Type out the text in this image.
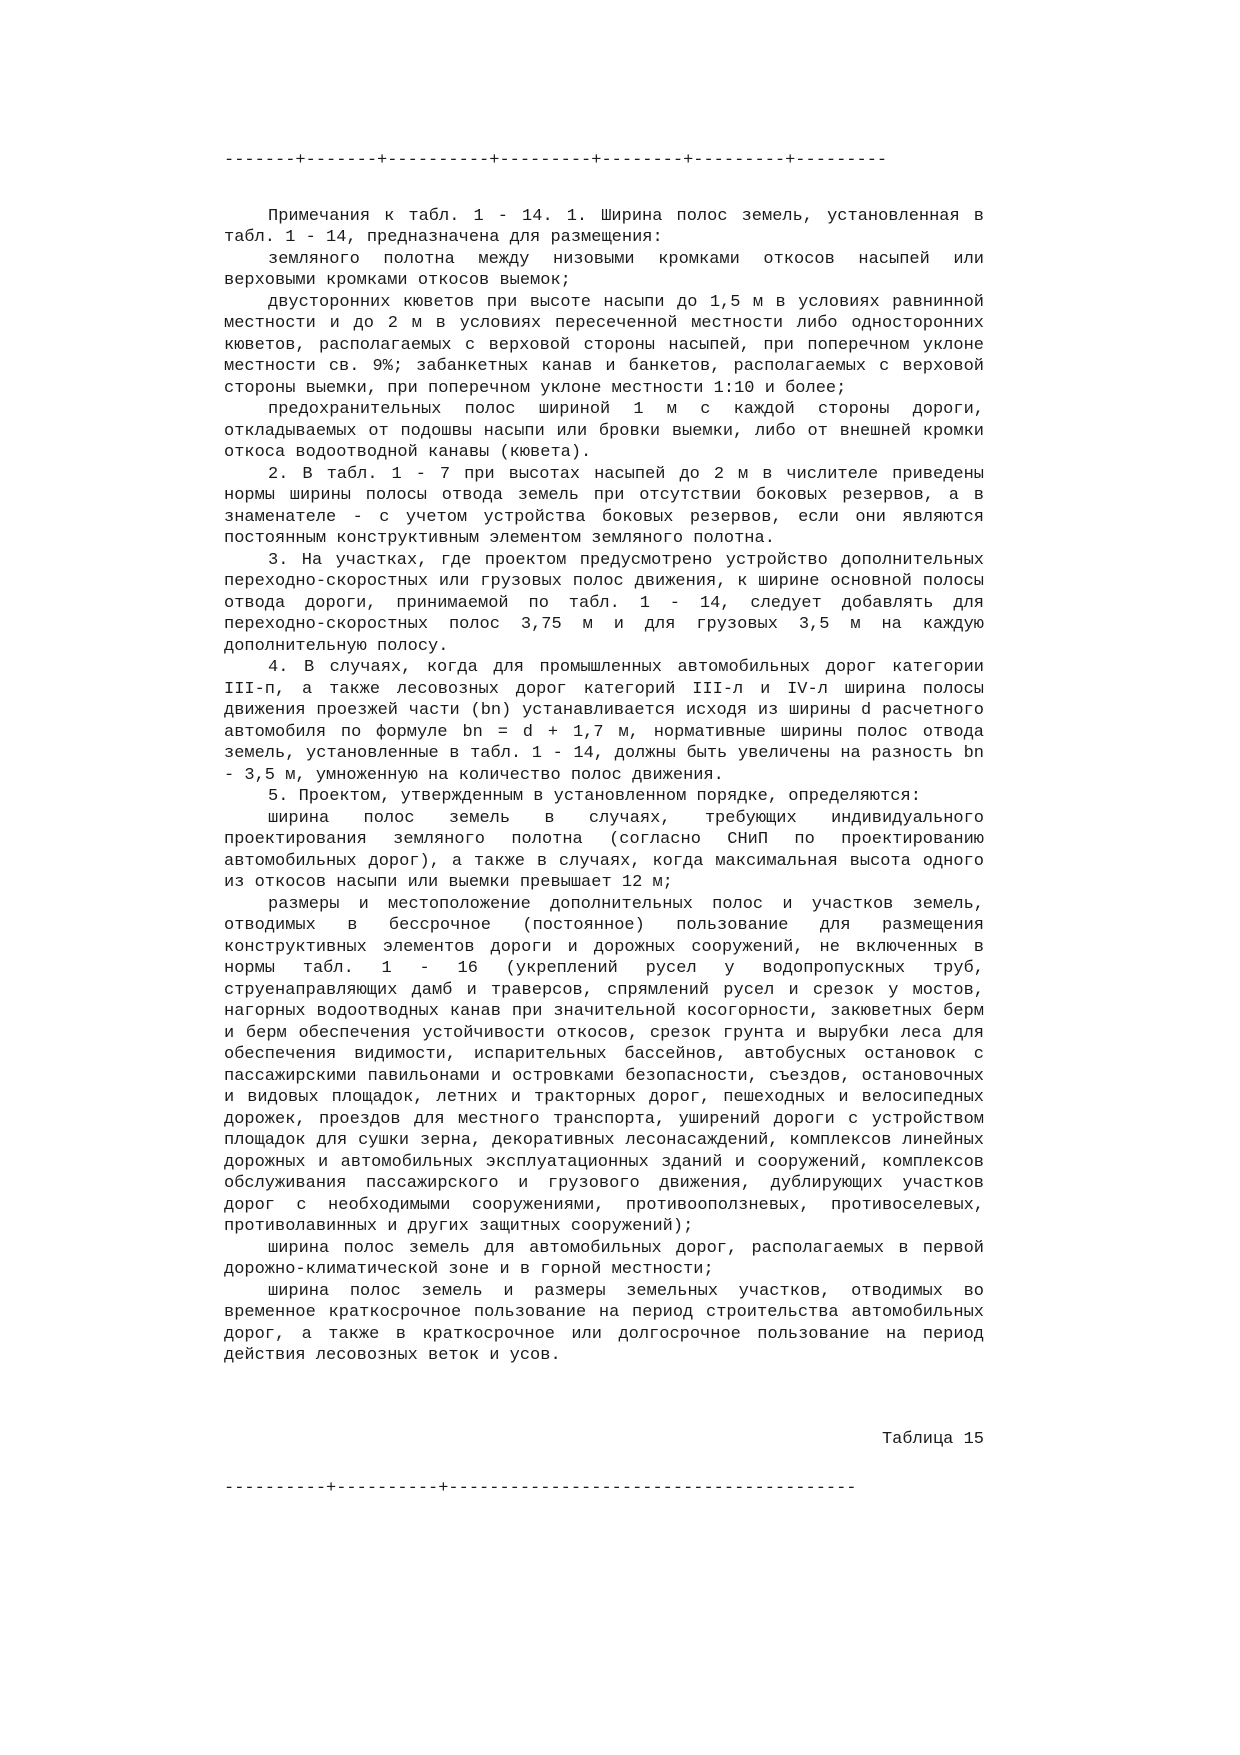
-------+-------+----------+---------+--------+---------+---------

Примечания к табл. 1 - 14. 1. Ширина полос земель, установленная в табл. 1 - 14, предназначена для размещения:

земляного полотна между низовыми кромками откосов насыпей или верховыми кромками откосов выемок;

двусторонних кюветов при высоте насыпи до 1,5 м в условиях равнинной местности и до 2 м в условиях пересеченной местности либо односторонних кюветов, располагаемых с верховой стороны насыпей, при поперечном уклоне местности св. 9%; забанкетных канав и банкетов, располагаемых с верховой стороны выемки, при поперечном уклоне местности 1:10 и более;

предохранительных полос шириной 1 м с каждой стороны дороги, откладываемых от подошвы насыпи или бровки выемки, либо от внешней кромки откоса водоотводной канавы (кювета).

2. В табл. 1 - 7 при высотах насыпей до 2 м в числителе приведены нормы ширины полосы отвода земель при отсутствии боковых резервов, а в знаменателе - с учетом устройства боковых резервов, если они являются постоянным конструктивным элементом земляного полотна.

3. На участках, где проектом предусмотрено устройство дополнительных переходно-скоростных или грузовых полос движения, к ширине основной полосы отвода дороги, принимаемой по табл. 1 - 14, следует добавлять для переходно-скоростных полос 3,75 м и для грузовых 3,5 м на каждую дополнительную полосу.

4. В случаях, когда для промышленных автомобильных дорог категории III-п, а также лесовозных дорог категорий III-л и IV-л ширина полосы движения проезжей части (bn) устанавливается исходя из ширины d расчетного автомобиля по формуле bn = d + 1,7 м, нормативные ширины полос отвода земель, установленные в табл. 1 - 14, должны быть увеличены на разность bn - 3,5 м, умноженную на количество полос движения.

5. Проектом, утвержденным в установленном порядке, определяются:

ширина полос земель в случаях, требующих индивидуального проектирования земляного полотна (согласно СНиП по проектированию автомобильных дорог), а также в случаях, когда максимальная высота одного из откосов насыпи или выемки превышает 12 м;

размеры и местоположение дополнительных полос и участков земель, отводимых в бессрочное (постоянное) пользование для размещения конструктивных элементов дороги и дорожных сооружений, не включенных в нормы табл. 1 - 16 (укреплений русел у водопропускных труб, струенаправляющих дамб и траверсов, спрямлений русел и срезок у мостов, нагорных водоотводных канав при значительной косогорности, закюветных берм и берм обеспечения устойчивости откосов, срезок грунта и вырубки леса для обеспечения видимости, испарительных бассейнов, автобусных остановок с пассажирскими павильонами и островками безопасности, съездов, остановочных и видовых площадок, летних и тракторных дорог, пешеходных и велосипедных дорожек, проездов для местного транспорта, уширений дороги с устройством площадок для сушки зерна, декоративных лесонасаждений, комплексов линейных дорожных и автомобильных эксплуатационных зданий и сооружений, комплексов обслуживания пассажирского и грузового движения, дублирующих участков дорог с необходимыми сооружениями, противооползневых, противоселевых, противолавинных и других защитных сооружений);

ширина полос земель для автомобильных дорог, располагаемых в первой дорожно-климатической зоне и в горной местности;

ширина полос земель и размеры земельных участков, отводимых во временное краткосрочное пользование на период строительства автомобильных дорог, а также в краткосрочное или долгосрочное пользование на период действия лесовозных веток и усов.

Таблица 15
----------+----------+----------------------------------------
